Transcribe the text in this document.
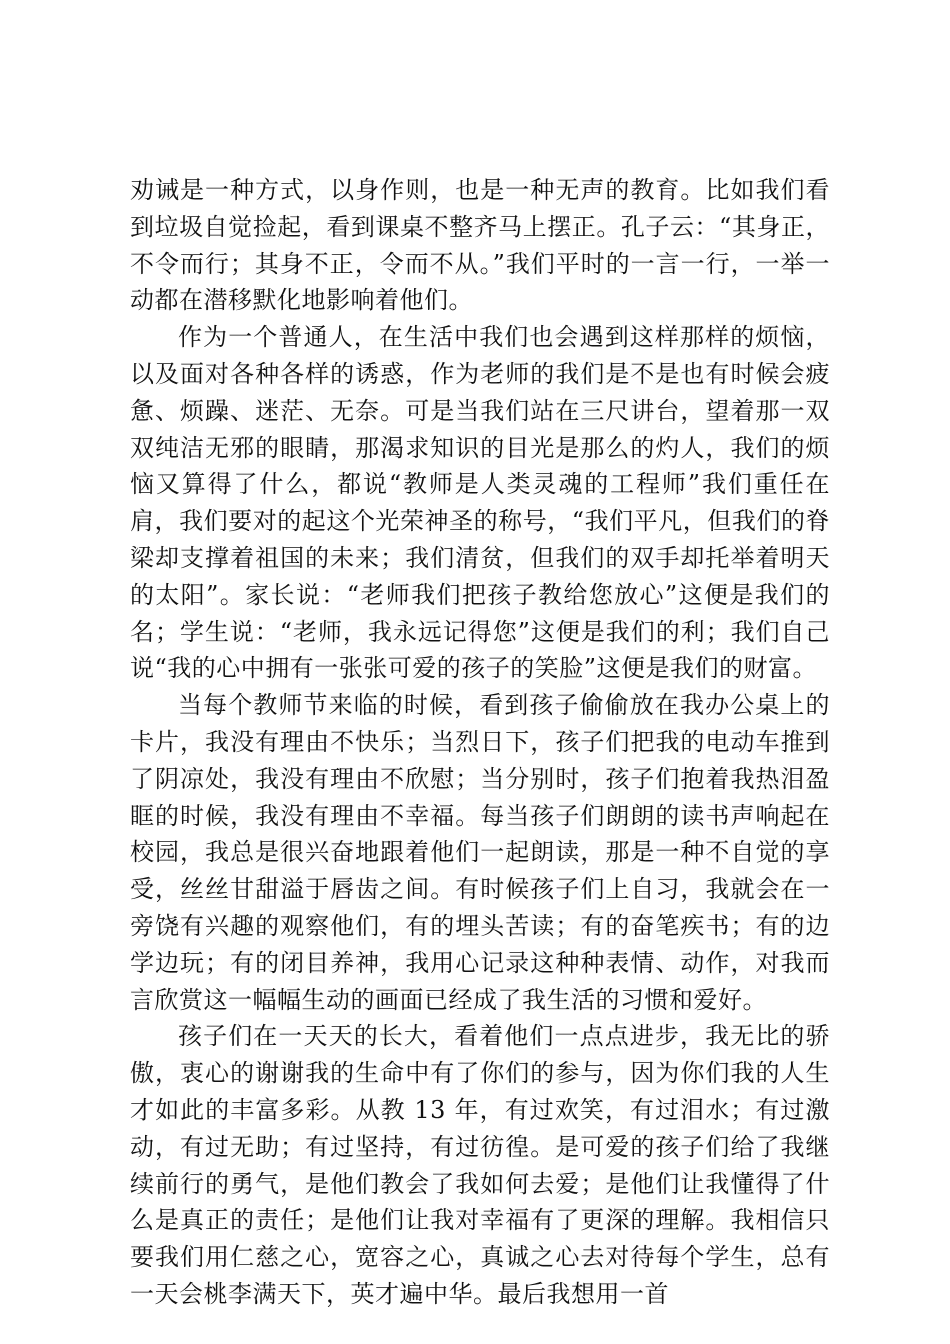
劝诫是一种方式，以身作则，也是一种无声的教育。比如我们看到垃圾自觉捡起，看到课桌不整齐马上摆正。孔子云：“其身正，不令而行；其身不正，令而不从。”我们平时的一言一行，一举一动都在潜移默化地影响着他们。

作为一个普通人，在生活中我们也会遇到这样那样的烦恼，以及面对各种各样的诱惑，作为老师的我们是不是也有时候会疲惫、烦躁、迷茫、无奈。可是当我们站在三尺讲台，望着那一双双纯洁无邪的眼睛，那渴求知识的目光是那么的灼人，我们的烦恼又算得了什么，都说“教师是人类灵魂的工程师”我们重任在肩，我们要对的起这个光荣神圣的称号，“我们平凡，但我们的脊梁却支撑着祖国的未来；我们清贫，但我们的双手却托举着明天的太阳”。家长说：“老师我们把孩子教给您放心”这便是我们的名；学生说：“老师，我永远记得您”这便是我们的利；我们自己说“我的心中拥有一张张可爱的孩子的笑脸”这便是我们的财富。

当每个教师节来临的时候，看到孩子偷偷放在我办公桌上的卡片，我没有理由不快乐；当烈日下，孩子们把我的电动车推到了阴凉处，我没有理由不欣慰；当分别时，孩子们抱着我热泪盈眶的时候，我没有理由不幸福。每当孩子们朗朗的读书声响起在校园，我总是很兴奋地跟着他们一起朗读，那是一种不自觉的享受，丝丝甘甜溢于唇齿之间。有时候孩子们上自习，我就会在一旁饶有兴趣的观察他们，有的埋头苦读；有的奋笔疾书；有的边学边玩；有的闭目养神，我用心记录这种种表情、动作，对我而言欣赏这一幅幅生动的画面已经成了我生活的习惯和爱好。

孩子们在一天天的长大，看着他们一点点进步，我无比的骄傲，衷心的谢谢我的生命中有了你们的参与，因为你们我的人生才如此的丰富多彩。从教 13 年，有过欢笑，有过泪水；有过激动，有过无助；有过坚持，有过彷徨。是可爱的孩子们给了我继续前行的勇气，是他们教会了我如何去爱；是他们让我懂得了什么是真正的责任；是他们让我对幸福有了更深的理解。我相信只要我们用仁慈之心，宽容之心，真诚之心去对待每个学生，总有一天会桃李满天下，英才遍中华。最后我想用一首
